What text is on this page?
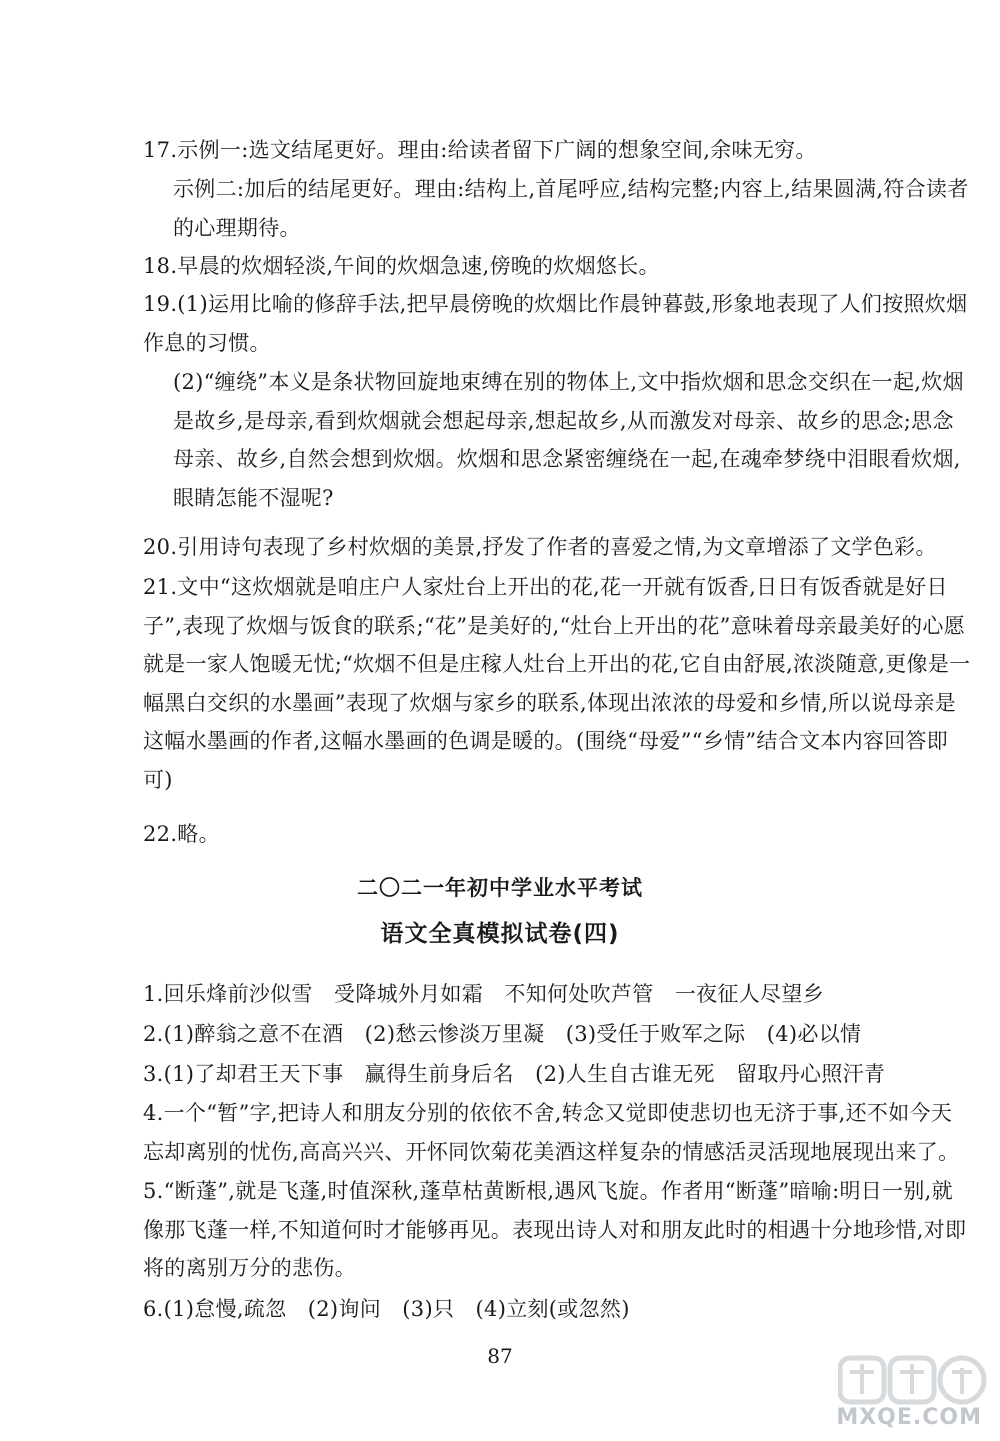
17.示例一:选文结尾更好。理由:给读者留下广阔的想象空间,余味无穷。

示例二:加后的结尾更好。理由:结构上,首尾呼应,结构完整;内容上,结果圆满,符合读者的心理期待。

18.早晨的炊烟轻淡,午间的炊烟急速,傍晚的炊烟悠长。

19.(1)运用比喻的修辞手法,把早晨傍晚的炊烟比作晨钟暮鼓,形象地表现了人们按照炊烟作息的习惯。

(2)“缠绕”本义是条状物回旋地束缚在别的物体上,文中指炊烟和思念交织在一起,炊烟是故乡,是母亲,看到炊烟就会想起母亲,想起故乡,从而激发对母亲、故乡的思念;思念母亲、故乡,自然会想到炊烟。炊烟和思念紧密缠绕在一起,在魂牵梦绕中泪眼看炊烟,眼睛怎能不湿呢?

20.引用诗句表现了乡村炊烟的美景,抒发了作者的喜爱之情,为文章增添了文学色彩。

21.文中“这炊烟就是咱庄户人家灶台上开出的花,花一开就有饭香,日日有饭香就是好日子”,表现了炊烟与饭食的联系;“花”是美好的,“灶台上开出的花”意味着母亲最美好的心愿就是一家人饱暖无忧;“炊烟不但是庄稼人灶台上开出的花,它自由舒展,浓淡随意,更像是一幅黑白交织的水墨画”表现了炊烟与家乡的联系,体现出浓浓的母爱和乡情,所以说母亲是这幅水墨画的作者,这幅水墨画的色调是暖的。(围绕“母爱”“乡情”结合文本内容回答即可)

22.略。

二〇二一年初中学业水平考试
语文全真模拟试卷(四)

1.回乐烽前沙似雪　受降城外月如霜　不知何处吹芦管　一夜征人尽望乡

2.(1)醉翁之意不在酒　(2)愁云惨淡万里凝　(3)受任于败军之际　(4)必以情

3.(1)了却君王天下事　赢得生前身后名　(2)人生自古谁无死　留取丹心照汗青

4.一个“暂”字,把诗人和朋友分别的依依不舍,转念又觉即使悲切也无济于事,还不如今天忘却离别的忧伤,高高兴兴、开怀同饮菊花美酒这样复杂的情感活灵活现地展现出来了。

5.“断蓬”,就是飞蓬,时值深秋,蓬草枯黄断根,遇风飞旋。作者用“断蓬”暗喻:明日一别,就像那飞蓬一样,不知道何时才能够再见。表现出诗人对和朋友此时的相遇十分地珍惜,对即将的离别万分的悲伤。

6.(1)怠慢,疏忽　(2)询问　(3)只　(4)立刻(或忽然)

87
MXQE.COM
